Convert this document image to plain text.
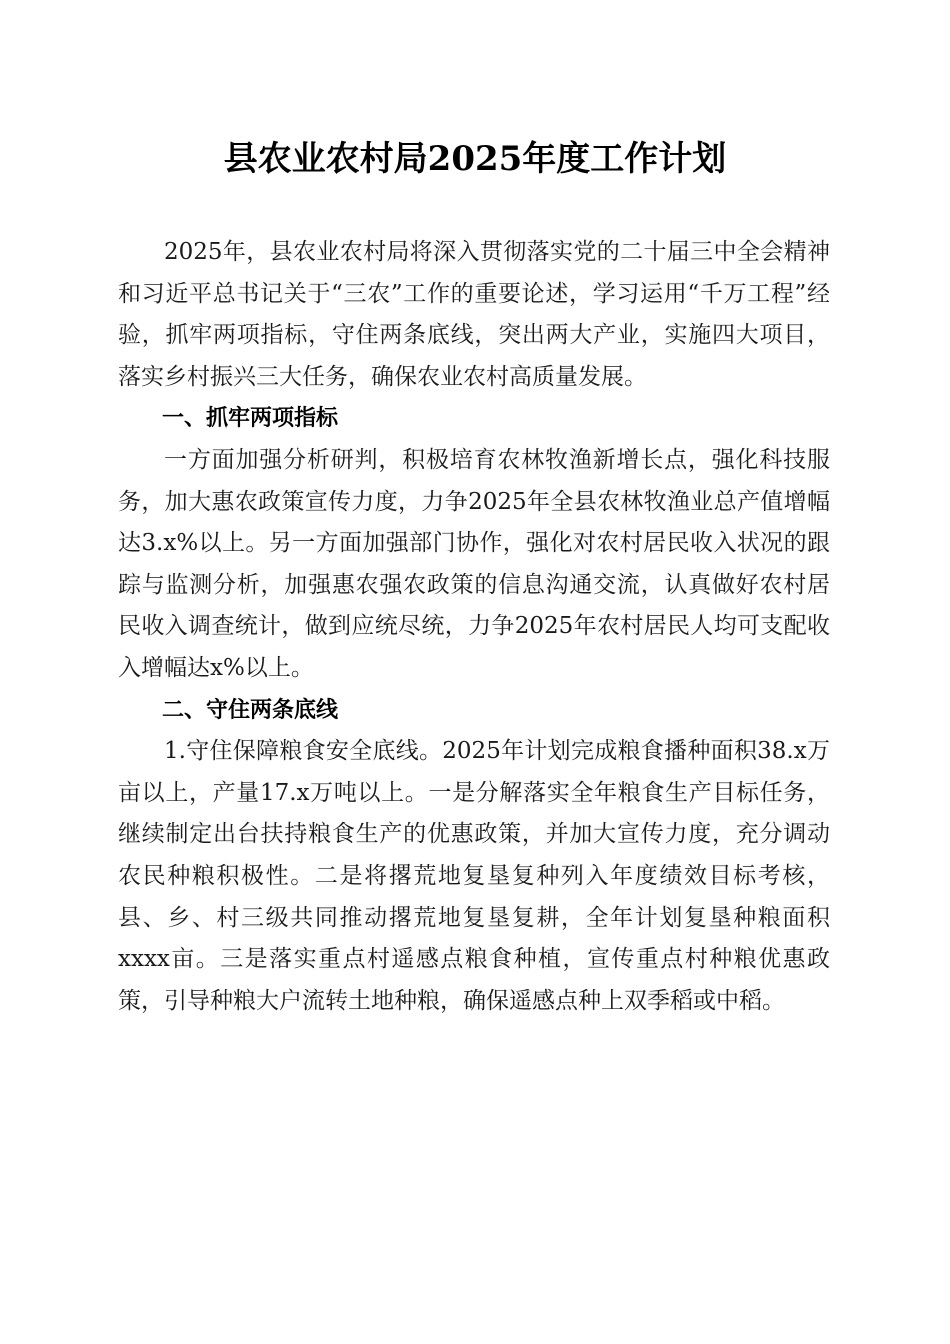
县农业农村局2025年度工作计划

2025年，县农业农村局将深入贯彻落实党的二十届三中全会精神和习近平总书记关于“三农”工作的重要论述，学习运用“千万工程”经验，抓牢两项指标，守住两条底线，突出两大产业，实施四大项目，落实乡村振兴三大任务，确保农业农村高质量发展。

一、抓牢两项指标

一方面加强分析研判，积极培育农林牧渔新增长点，强化科技服务，加大惠农政策宣传力度，力争2025年全县农林牧渔业总产值增幅达3.x%以上。另一方面加强部门协作，强化对农村居民收入状况的跟踪与监测分析，加强惠农强农政策的信息沟通交流，认真做好农村居民收入调查统计，做到应统尽统，力争2025年农村居民人均可支配收入增幅达x%以上。

二、守住两条底线

1.守住保障粮食安全底线。2025年计划完成粮食播种面积38.x万亩以上，产量17.x万吨以上。一是分解落实全年粮食生产目标任务，继续制定出台扶持粮食生产的优惠政策，并加大宣传力度，充分调动农民种粮积极性。二是将撂荒地复垦复种列入年度绩效目标考核，县、乡、村三级共同推动撂荒地复垦复耕，全年计划复垦种粮面积xxxx亩。三是落实重点村遥感点粮食种植，宣传重点村种粮优惠政策，引导种粮大户流转土地种粮，确保遥感点种上双季稻或中稻。
